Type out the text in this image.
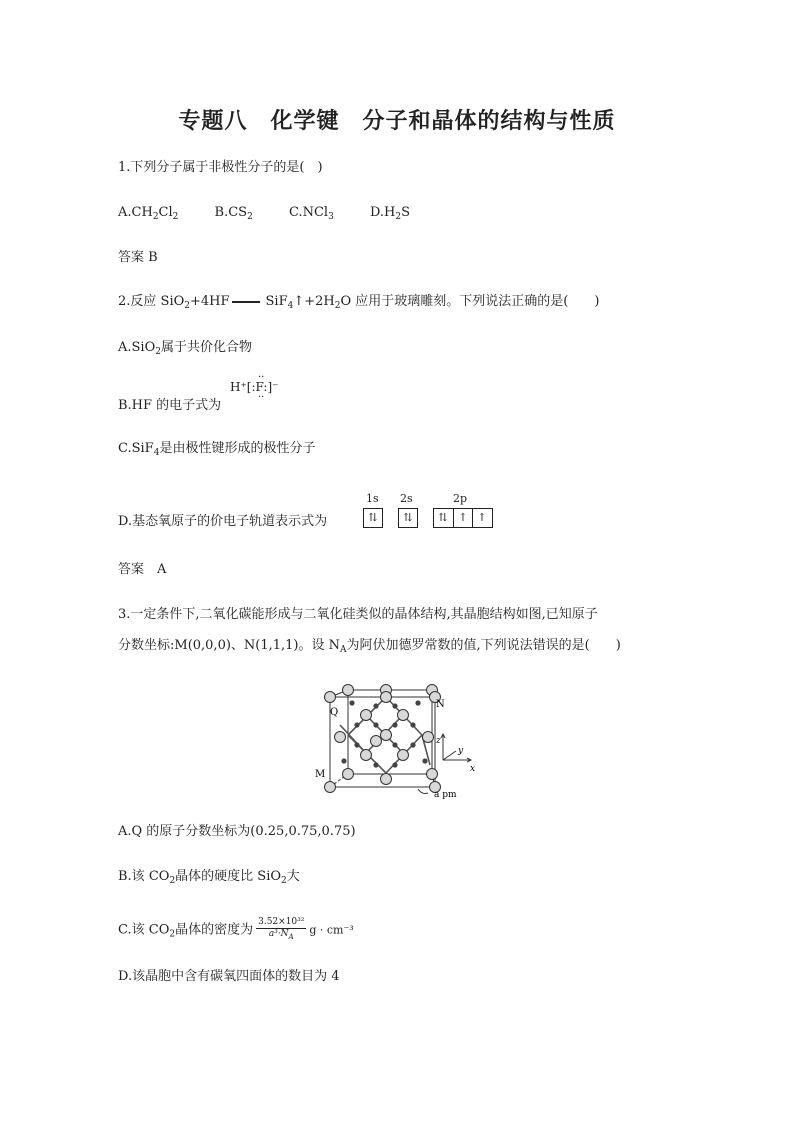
专题八　化学键　分子和晶体的结构与性质
1.下列分子属于非极性分子的是(　)
$A.CH_2Cl_2$	$B.CS_2$	C.NCl$_3$	$D.H_2S$
答案 B
2.反应 SiO$_2$+4HF	$SiF_4↑+2H_2O$ 应用于玻璃雕刻。下列说法正确的是(　　)
A.SiO$_2$属于共价化合物
B.HF 的电子式为
H⁺[:F:]⁻
··
··
C.SiF$_4$是由极性键形成的极性分子
D.基态氧原子的价电子轨道表示式为
1s 2s	2p
⇅	⇅	⇅ ↑ ↑
答案　A
3.一定条件下,二氧化碳能形成与二氧化硅类似的晶体结构,其晶胞结构如图,已知原子
分数坐标:M(0,0,0)、N(1,1,1)。设 $N_A$为阿伏加德罗常数的值,下列说法错误的是(　　)
N
Q
M
z
y
x
a pm
A.Q 的原子分数坐标为(0.25,0.75,0.75)
B.该 $CO_2$晶体的硬度比 SiO$_2$大
C.该 $CO_2$晶体的密度为 $\frac{\text{3.52×10³²}}{a^3\cdot N_A}$ g · cm⁻³
D.该晶胞中含有碳氧四面体的数目为 4
